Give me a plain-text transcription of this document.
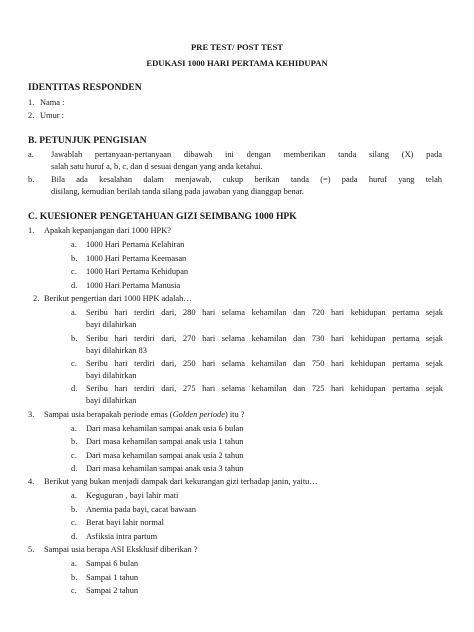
PRE TEST/ POST TEST
EDUKASI 1000 HARI PERTAMA KEHIDUPAN
IDENTITAS RESPONDEN
1. Nama :
2. Umur :
B. PETUNJUK PENGISIAN
a. Jawablah pertanyaan-pertanyaan dibawah ini dengan memberikan tanda silang (X) pada
salah satu huruf a, b, c, dan d sesuai dengan yang anda ketahui.
b. Bila ada kesalahan dalam menjawab, cukup berikan tanda (=) pada huruf yang telah
disilang, kemudian berilah tanda silang pada jawaban yang dianggap benar.
C. KUESIONER PENGETAHUAN GIZI SEIMBANG 1000 HPK
1. Apakah kepanjangan dari 1000 HPK?
a. 1000 Hari Pertama Kelahiran
b. 1000 Hari Pertama Keemasan
c. 1000 Hari Pertama Kehidupan
d. 1000 Hari Pertama Manusia
2. Berikut pengertian dari 1000 HPK adalah…
a. Seribu hari terdiri dari, 280 hari selama kehamilan dan 720 hari kehidupan pertama sejak
bayi dilahirkan
b. Seribu hari terdiri dari, 270 hari selama kehamilan dan 730 hari kehidupan pertama sejak
bayi dilahirkan 83
c. Seribu hari terdiri dari, 250 hari selama kehamilan dan 750 hari kehidupan pertama sejak
bayi dilahirkan
d. Seribu hari terdiri dari, 275 hari selama kehamilan dan 725 hari kehidupan pertama sejak
bayi dilahirkan
3. Sampai usia berapakah periode emas (Golden periode) itu ?
a. Dari masa kehamilan sampai anak usia 6 bulan
b. Dari masa kehamilan sampai anak usia 1 tahun
c. Dari masa kehamilan sampai anak usia 2 tahun
d. Dari masa kehamilan sampai anak usia 3 tahun
4. Berikut yang bukan menjadi dampak dari kekurangan gizi terhadap janin, yaitu…
a. Keguguran , bayi lahir mati
b. Anemia pada bayi, cacat bawaan
c. Berat bayi lahir normal
d. Asfiksia intra partum
5. Sampai usia berapa ASI Eksklusif diberikan ?
a. Sampai 6 bulan
b. Sampai 1 tahun
c. Sampai 2 tahun
